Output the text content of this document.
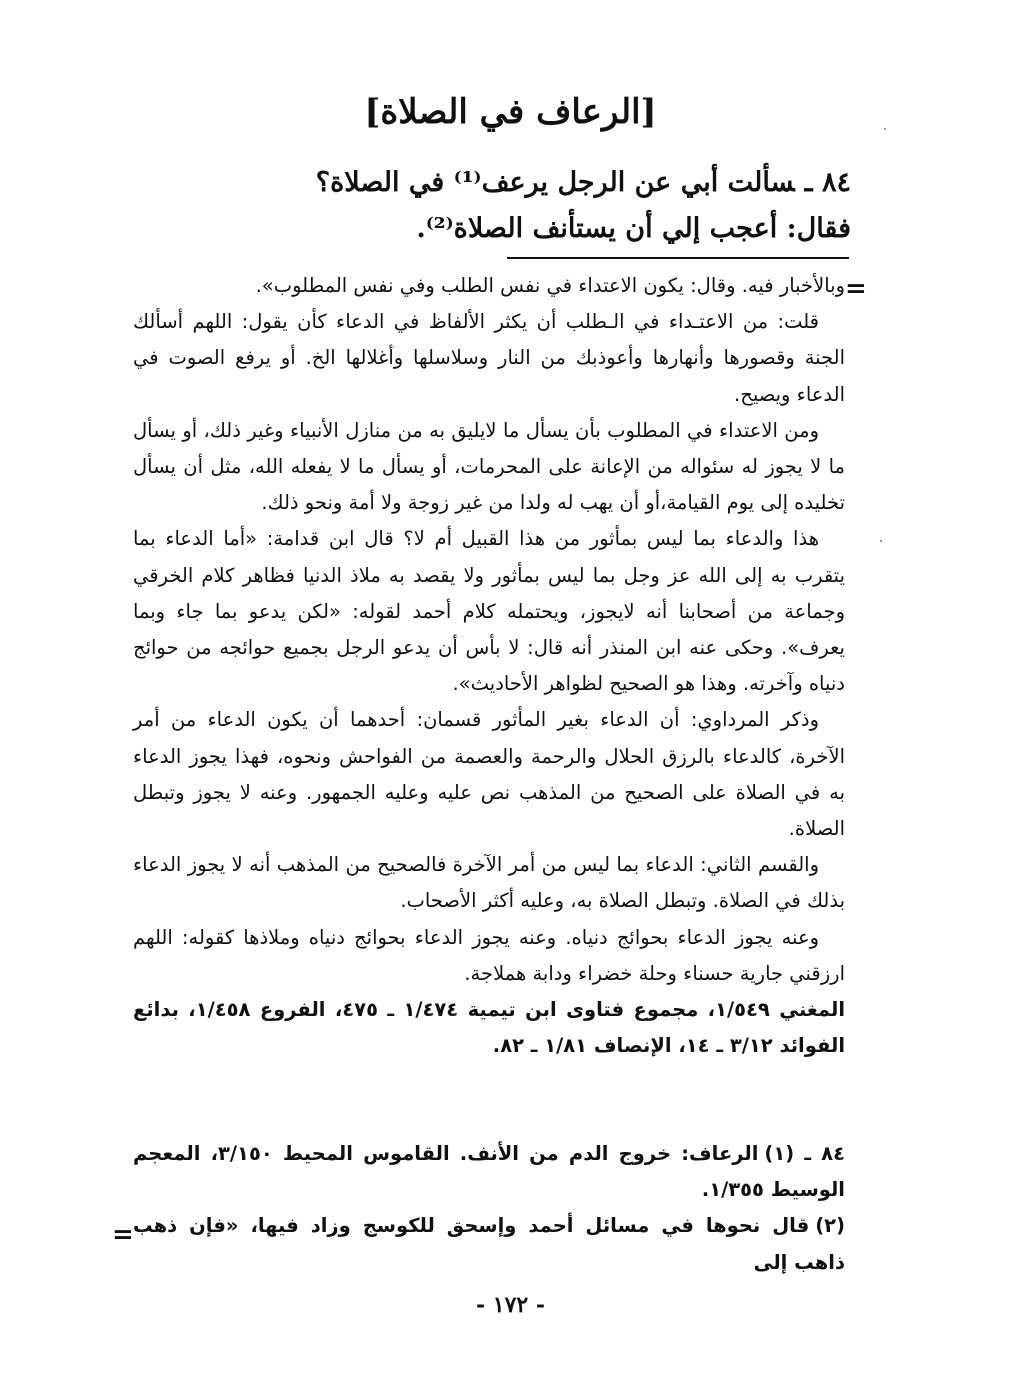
[الرعاف في الصلاة]
٨٤ ـسألت أبي عن الرجل يرعف⁽¹⁾ في الصلاة؟
فقال: أعجب إلي أن يستأنف الصلاة⁽²⁾.
=

وبالأخبار فيه. وقال: يكون الاعتداء في نفس الطلب وفي نفس المطلوب».

قلت: من الاعتـداء في الـطلب أن يكثر الألفاظ في الدعاء كأن يقول: اللهم أسألك الجنة وقصورها وأنهارها وأعوذبك من النار وسلاسلها وأغلالها الخ. أو يرفع الصوت في الدعاء ويصيح.

ومن الاعتداء في المطلوب بأن يسأل ما لايليق به من منازل الأنبياء وغير ذلك، أو يسأل ما لا يجوز له سئواله من الإعانة على المحرمات، أو يسأل ما لا يفعله الله، مثل أن يسأل تخليده إلى يوم القيامة،أو أن يهب له ولدا من غير زوجة ولا أمة ونحو ذلك.

هذا والدعاء بما ليس بمأثور من هذا القبيل أم لا؟ قال ابن قدامة: «أما الدعاء بما يتقرب به إلى الله عز وجل بما ليس بمأثور ولا يقصد به ملاذ الدنيا فظاهر كلام الخرقي وجماعة من أصحابنا أنه لايجوز، ويحتمله كلام أحمد لقوله: «لكن يدعو بما جاء وبما يعرف». وحكى عنه ابن المنذر أنه قال: لا بأس أن يدعو الرجل بجميع حوائجه من حوائج دنياه وآخرته. وهذا هو الصحيح لظواهر الأحاديث».

وذكر المرداوي: أن الدعاء بغير المأثور قسمان: أحدهما أن يكون الدعاء من أمر الآخرة، كالدعاء بالرزق الحلال والرحمة والعصمة من الفواحش ونحوه، فهذا يجوز الدعاء به في الصلاة على الصحيح من المذهب نص عليه وعليه الجمهور. وعنه لا يجوز وتبطل الصلاة.

والقسم الثاني: الدعاء بما ليس من أمر الآخرة فالصحيح من المذهب أنه لا يجوز الدعاء بذلك في الصلاة. وتبطل الصلاة به، وعليه أكثر الأصحاب.

وعنه يجوز الدعاء بحوائج دنياه. وعنه يجوز الدعاء بحوائج دنياه وملاذها كقوله: اللهم ارزقني جارية حسناء وحلة خضراء ودابة هملاجة.

المغني ١/٥٤٩، مجموع فتاوى ابن تيمية ١/٤٧٤ ـ ٤٧٥، الفروع ١/٤٥٨، بدائع الفوائد ٣/١٢ ـ ١٤، الإنصاف ١/٨١ ـ ٨٢.

٨٤ ـ (١)الرعاف: خروج الدم من الأنف. القاموس المحيط ٣/١٥٠، المعجم الوسيط ١/٣٥٥.

(٢)قال نحوها في مسائل أحمد وإسحق للكوسج وزاد فيها، «فإن ذهب ذاهب إلى

=
- ١٧٢ -
